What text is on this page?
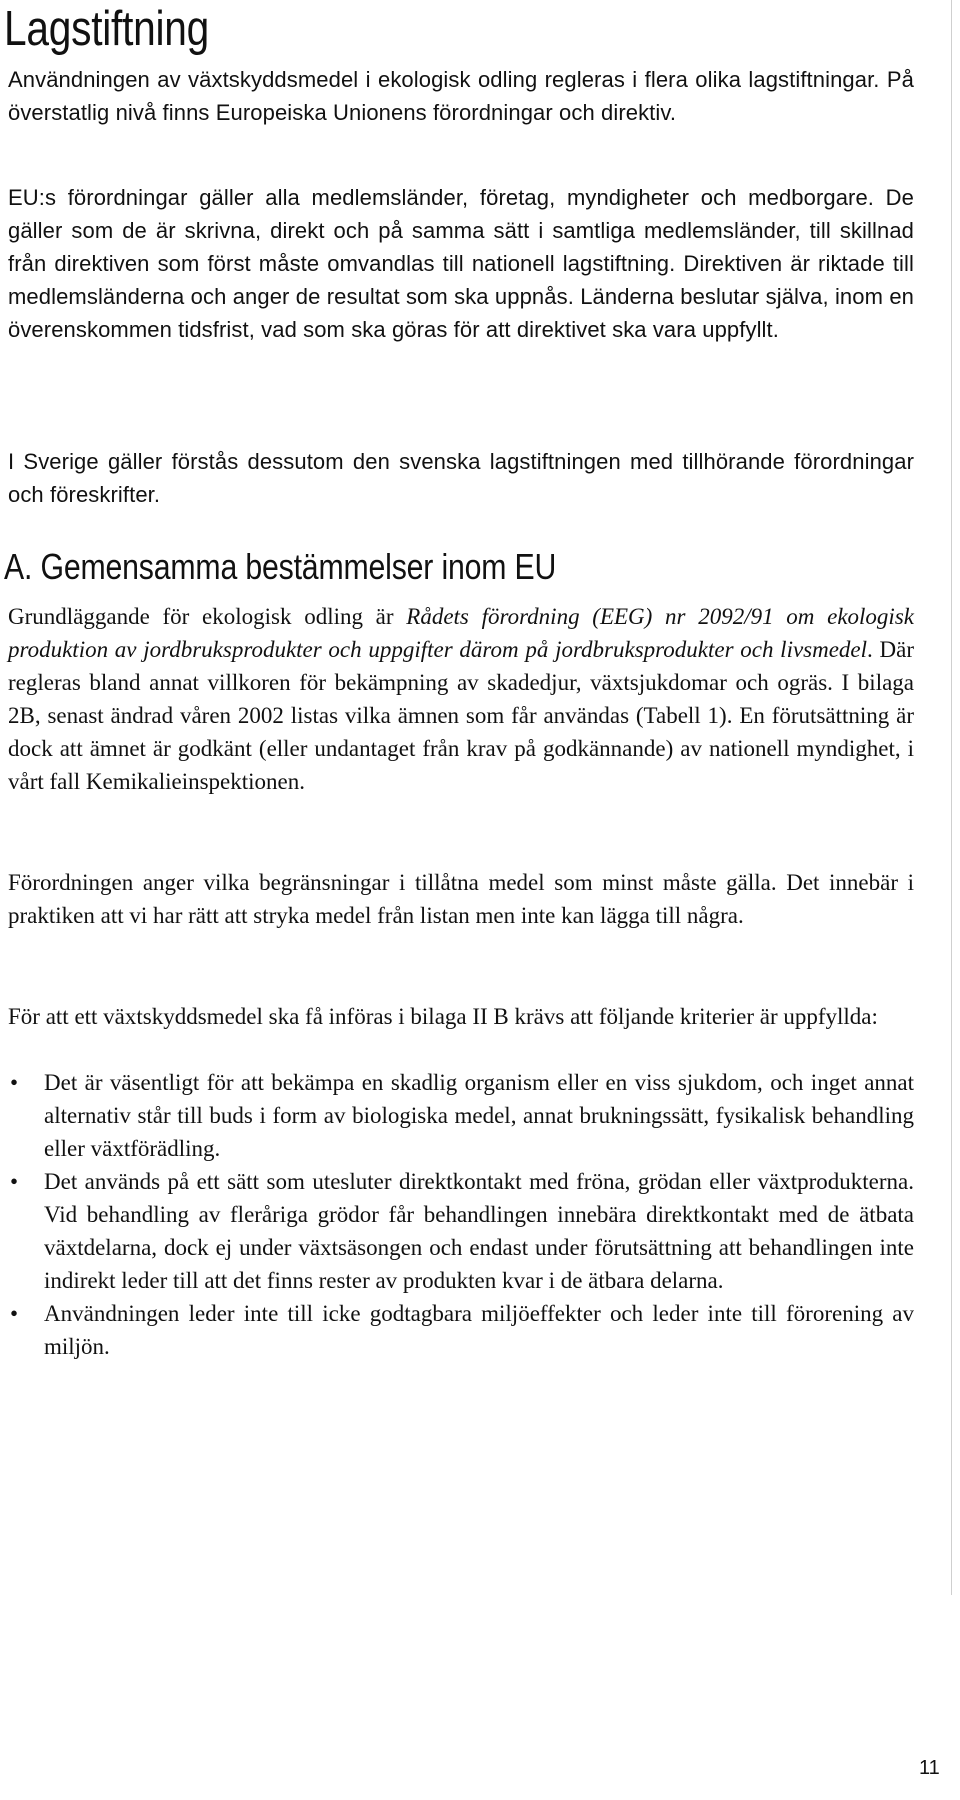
Lagstiftning

Användningen av växtskyddsmedel i ekologisk odling regleras i flera olika lagstiftningar. På överstatlig nivå finns Europeiska Unionens förordningar och direktiv.

EU:s förordningar gäller alla medlemsländer, företag, myndigheter och medborgare. De gäller som de är skrivna, direkt och på samma sätt i samtliga medlemsländer, till skillnad från direktiven som först måste omvandlas till nationell lagstiftning. Direktiven är riktade till medlemsländerna och anger de resultat som ska uppnås. Länderna beslutar själva, inom en överenskommen tidsfrist, vad som ska göras för att direktivet ska vara uppfyllt.

I Sverige gäller förstås dessutom den svenska lagstiftningen med tillhörande förordningar och föreskrifter.

A. Gemensamma bestämmelser inom EU

Grundläggande för ekologisk odling är Rådets förordning (EEG) nr 2092/91 om ekologisk produktion av jordbruksprodukter och uppgifter därom på jordbruksprodukter och livsmedel. Där regleras bland annat villkoren för bekämpning av skadedjur, växtsjukdomar och ogräs. I bilaga 2B, senast ändrad våren 2002 listas vilka ämnen som får användas (Tabell 1). En förutsättning är dock att ämnet är godkänt (eller undantaget från krav på godkännande) av nationell myndighet, i vårt fall Kemikalieinspektionen.

Förordningen anger vilka begränsningar i tillåtna medel som minst måste gälla. Det innebär i praktiken att vi har rätt att stryka medel från listan men inte kan lägga till några.

För att ett växtskyddsmedel ska få införas i bilaga II B krävs att följande kriterier är uppfyllda:

• Det är väsentligt för att bekämpa en skadlig organism eller en viss sjukdom, och inget annat alternativ står till buds i form av biologiska medel, annat brukningssätt, fysikalisk behandling eller växtförädling.
• Det används på ett sätt som utesluter direktkontakt med fröna, grödan eller växtprodukterna. Vid behandling av fleråriga grödor får behandlingen innebära direktkontakt med de ätbata växtdelarna, dock ej under växtsäsongen och endast under förutsättning att behandlingen inte indirekt leder till att det finns rester av produkten kvar i de ätbara delarna.
• Användningen leder inte till icke godtagbara miljöeffekter och leder inte till förorening av miljön.
11
